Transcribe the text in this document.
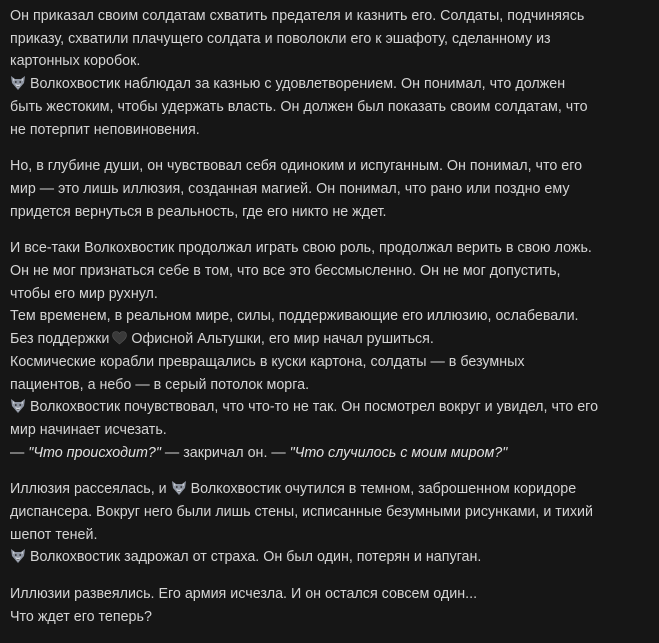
Он приказал своим солдатам схватить предателя и казнить его. Солдаты, подчиняясь
приказу, схватили плачущего солдата и поволокли его к эшафоту, сделанному из
картонных коробок.
Волкохвостик наблюдал за казнью с удовлетворением. Он понимал, что должен
быть жестоким, чтобы удержать власть. Он должен был показать своим солдатам, что
не потерпит неповиновения.
Но, в глубине души, он чувствовал себя одиноким и испуганным. Он понимал, что его
мир — это лишь иллюзия, созданная магией. Он понимал, что рано или поздно ему
придется вернуться в реальность, где его никто не ждет.
И все-таки Волкохвостик продолжал играть свою роль, продолжал верить в свою ложь.
Он не мог признаться себе в том, что все это бессмысленно. Он не мог допустить,
чтобы его мир рухнул.
Тем временем, в реальном мире, силы, поддерживающие его иллюзию, ослабевали.
Без поддержки Офисной Альтушки, его мир начал рушиться.
Космические корабли превращались в куски картона, солдаты — в безумных
пациентов, а небо — в серый потолок морга.
Волкохвостик почувствовал, что что-то не так. Он посмотрел вокруг и увидел, что его
мир начинает исчезать.
— "Что происходит?" — закричал он. — "Что случилось с моим миром?"
Иллюзия рассеялась, и Волкохвостик очутился в темном, заброшенном коридоре
диспансера. Вокруг него были лишь стены, исписанные безумными рисунками, и тихий
шепот теней.
Волкохвостик задрожал от страха. Он был один, потерян и напуган.
Иллюзии развеялись. Его армия исчезла. И он остался совсем один...
Что ждет его теперь?
